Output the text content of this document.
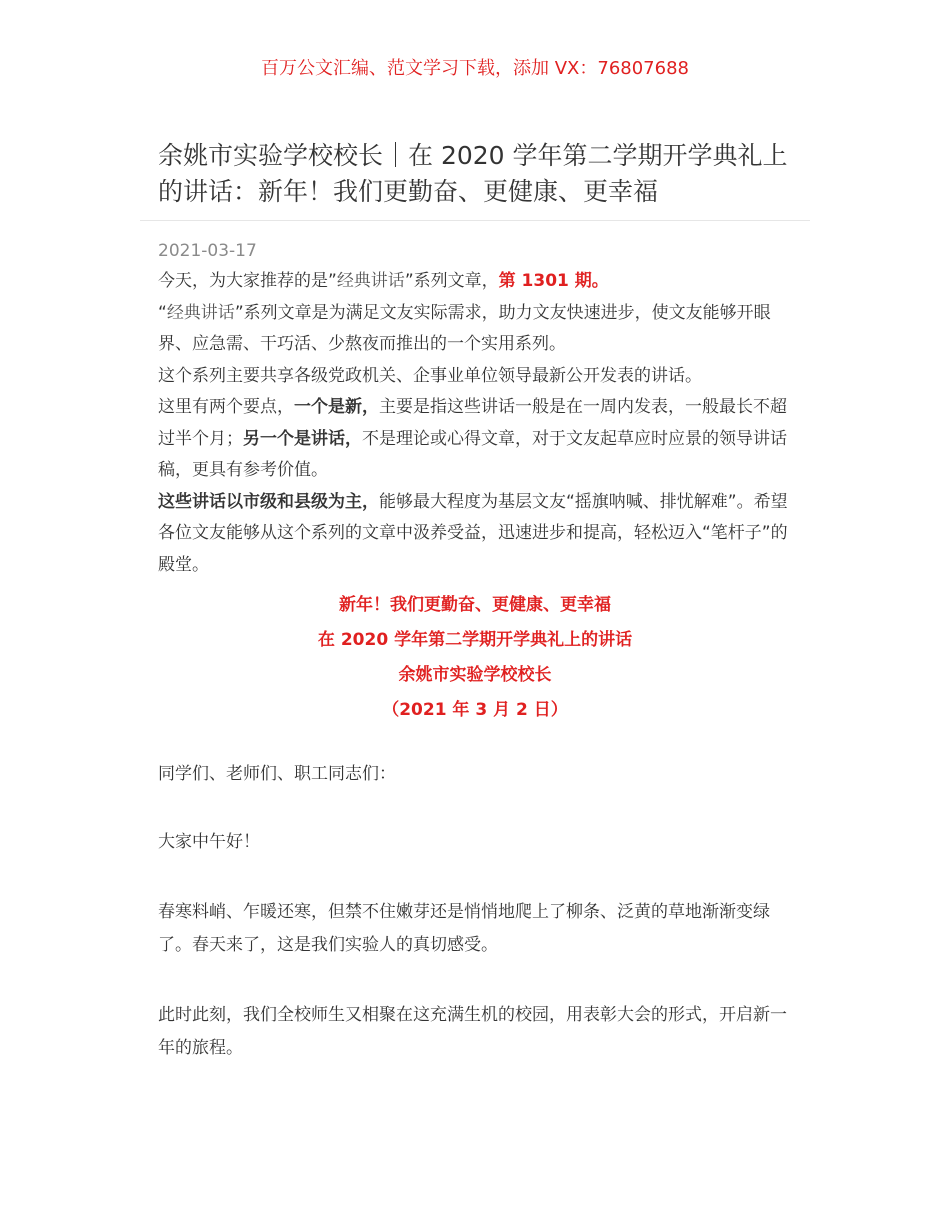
百万公文汇编、范文学习下载，添加 VX：76807688
余姚市实验学校校长｜在 2020 学年第二学期开学典礼上的讲话：新年！我们更勤奋、更健康、更幸福
2021-03-17

今天，为大家推荐的是”经典讲话”系列文章，第 1301 期。

“经典讲话”系列文章是为满足文友实际需求，助力文友快速进步，使文友能够开眼界、应急需、干巧活、少熬夜而推出的一个实用系列。

这个系列主要共享各级党政机关、企事业单位领导最新公开发表的讲话。

这里有两个要点，一个是新，主要是指这些讲话一般是在一周内发表，一般最长不超过半个月；另一个是讲话，不是理论或心得文章，对于文友起草应时应景的领导讲话稿，更具有参考价值。

这些讲话以市级和县级为主，能够最大程度为基层文友“摇旗呐喊、排忧解难”。希望各位文友能够从这个系列的文章中汲养受益，迅速进步和提高，轻松迈入“笔杆子”的殿堂。

新年！我们更勤奋、更健康、更幸福
在 2020 学年第二学期开学典礼上的讲话
余姚市实验学校校长
（2021 年 3 月 2 日）

同学们、老师们、职工同志们：

大家中午好！

春寒料峭、乍暖还寒，但禁不住嫩芽还是悄悄地爬上了柳条、泛黄的草地渐渐变绿了。春天来了，这是我们实验人的真切感受。

此时此刻，我们全校师生又相聚在这充满生机的校园，用表彰大会的形式，开启新一年的旅程。
